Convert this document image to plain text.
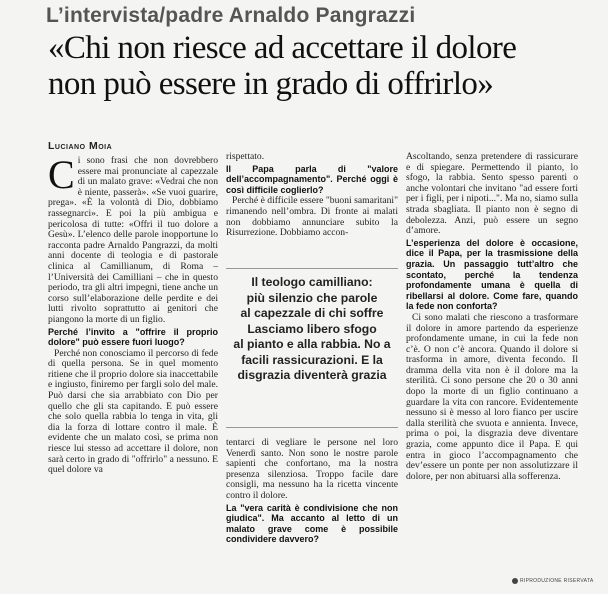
L’intervista/padre Arnaldo Pangrazzi
«Chi non riesce ad accettare il dolore
non può essere in grado di offrirlo»
Luciano Moia

Ci sono frasi che non dovrebbero essere mai pronunciate al capezzale di un malato grave: «Vedrai che non è niente, passerà». «Se vuoi guarire, prega». «È la volontà di Dio, dobbiamo rassegnarci». E poi la più ambigua e pericolosa di tutte: «Offri il tuo dolore a Gesù». L’elenco delle parole inopportune lo racconta padre Arnaldo Pangrazzi, da molti anni docente di teologia e di pastorale clinica al Camillianum, di Roma – l’Università dei Camilliani – che in questo periodo, tra gli altri impegni, tiene anche un corso sull’elaborazione delle perdite e dei lutti rivolto soprattutto ai genitori che piangono la morte di un figlio.

Perché l’invito a "offrire il proprio dolore" può essere fuori luogo?

Perché non conosciamo il percorso di fede di quella persona. Se in quel momento ritiene che il proprio dolore sia inaccettabile e ingiusto, finiremo per fargli solo del male. Può darsi che sia arrabbiato con Dio per quello che gli sta capitando. E può essere che solo quella rabbia lo tenga in vita, gli dia la forza di lottare contro il male. È evidente che un malato così, se prima non riesce lui stesso ad accettare il dolore, non sarà certo in grado di "offrirlo" a nessuno. E quel dolore va

rispettato.

Il Papa parla di "valore dell’accompagnamento". Perché oggi è così difficile coglierlo?

Perché è difficile essere "buoni samaritani" rimanendo nell’ombra. Di fronte ai malati non dobbiamo annunciare subito la Risurrezione. Dobbiamo accon-

Il teologo camilliano:
più silenzio che parole
al capezzale di chi soffre
Lasciamo libero sfogo
al pianto e alla rabbia. No a
facili rassicurazioni. E la
disgrazia diventerà grazia

tentarci di vegliare le persone nel loro Venerdì santo. Non sono le nostre parole sapienti che confortano, ma la nostra presenza silenziosa. Troppo facile dare consigli, ma nessuno ha la ricetta vincente contro il dolore.

La "vera carità è condivisione che non giudica". Ma accanto al letto di un malato grave come è possibile condividere davvero?

Ascoltando, senza pretendere di rassicurare e di spiegare. Permettendo il pianto, lo sfogo, la rabbia. Sento spesso parenti o anche volontari che invitano "ad essere forti per i figli, per i nipoti...". Ma no, siamo sulla strada sbagliata. Il pianto non è segno di debolezza. Anzi, può essere un segno d’amore.

L’esperienza del dolore è occasione, dice il Papa, per la trasmissione della grazia. Un passaggio tutt’altro che scontato, perché la tendenza profondamente umana è quella di ribellarsi al dolore. Come fare, quando la fede non conforta?

Ci sono malati che riescono a trasformare il dolore in amore partendo da esperienze profondamente umane, in cui la fede non c’è. O non c’è ancora. Quando il dolore si trasforma in amore, diventa fecondo. Il dramma della vita non è il dolore ma la sterilità. Ci sono persone che 20 o 30 anni dopo la morte di un figlio continuano a guardare la vita con rancore. Evidentemente nessuno si è messo al loro fianco per uscire dalla sterilità che svuota e annienta. Invece, prima o poi, la disgrazia deve diventare grazia, come appunto dice il Papa. E qui entra in gioco l’accompagnamento che dev’essere un ponte per non assolutizzare il dolore, per non abituarsi alla sofferenza.

RIPRODUZIONE RISERVATA
